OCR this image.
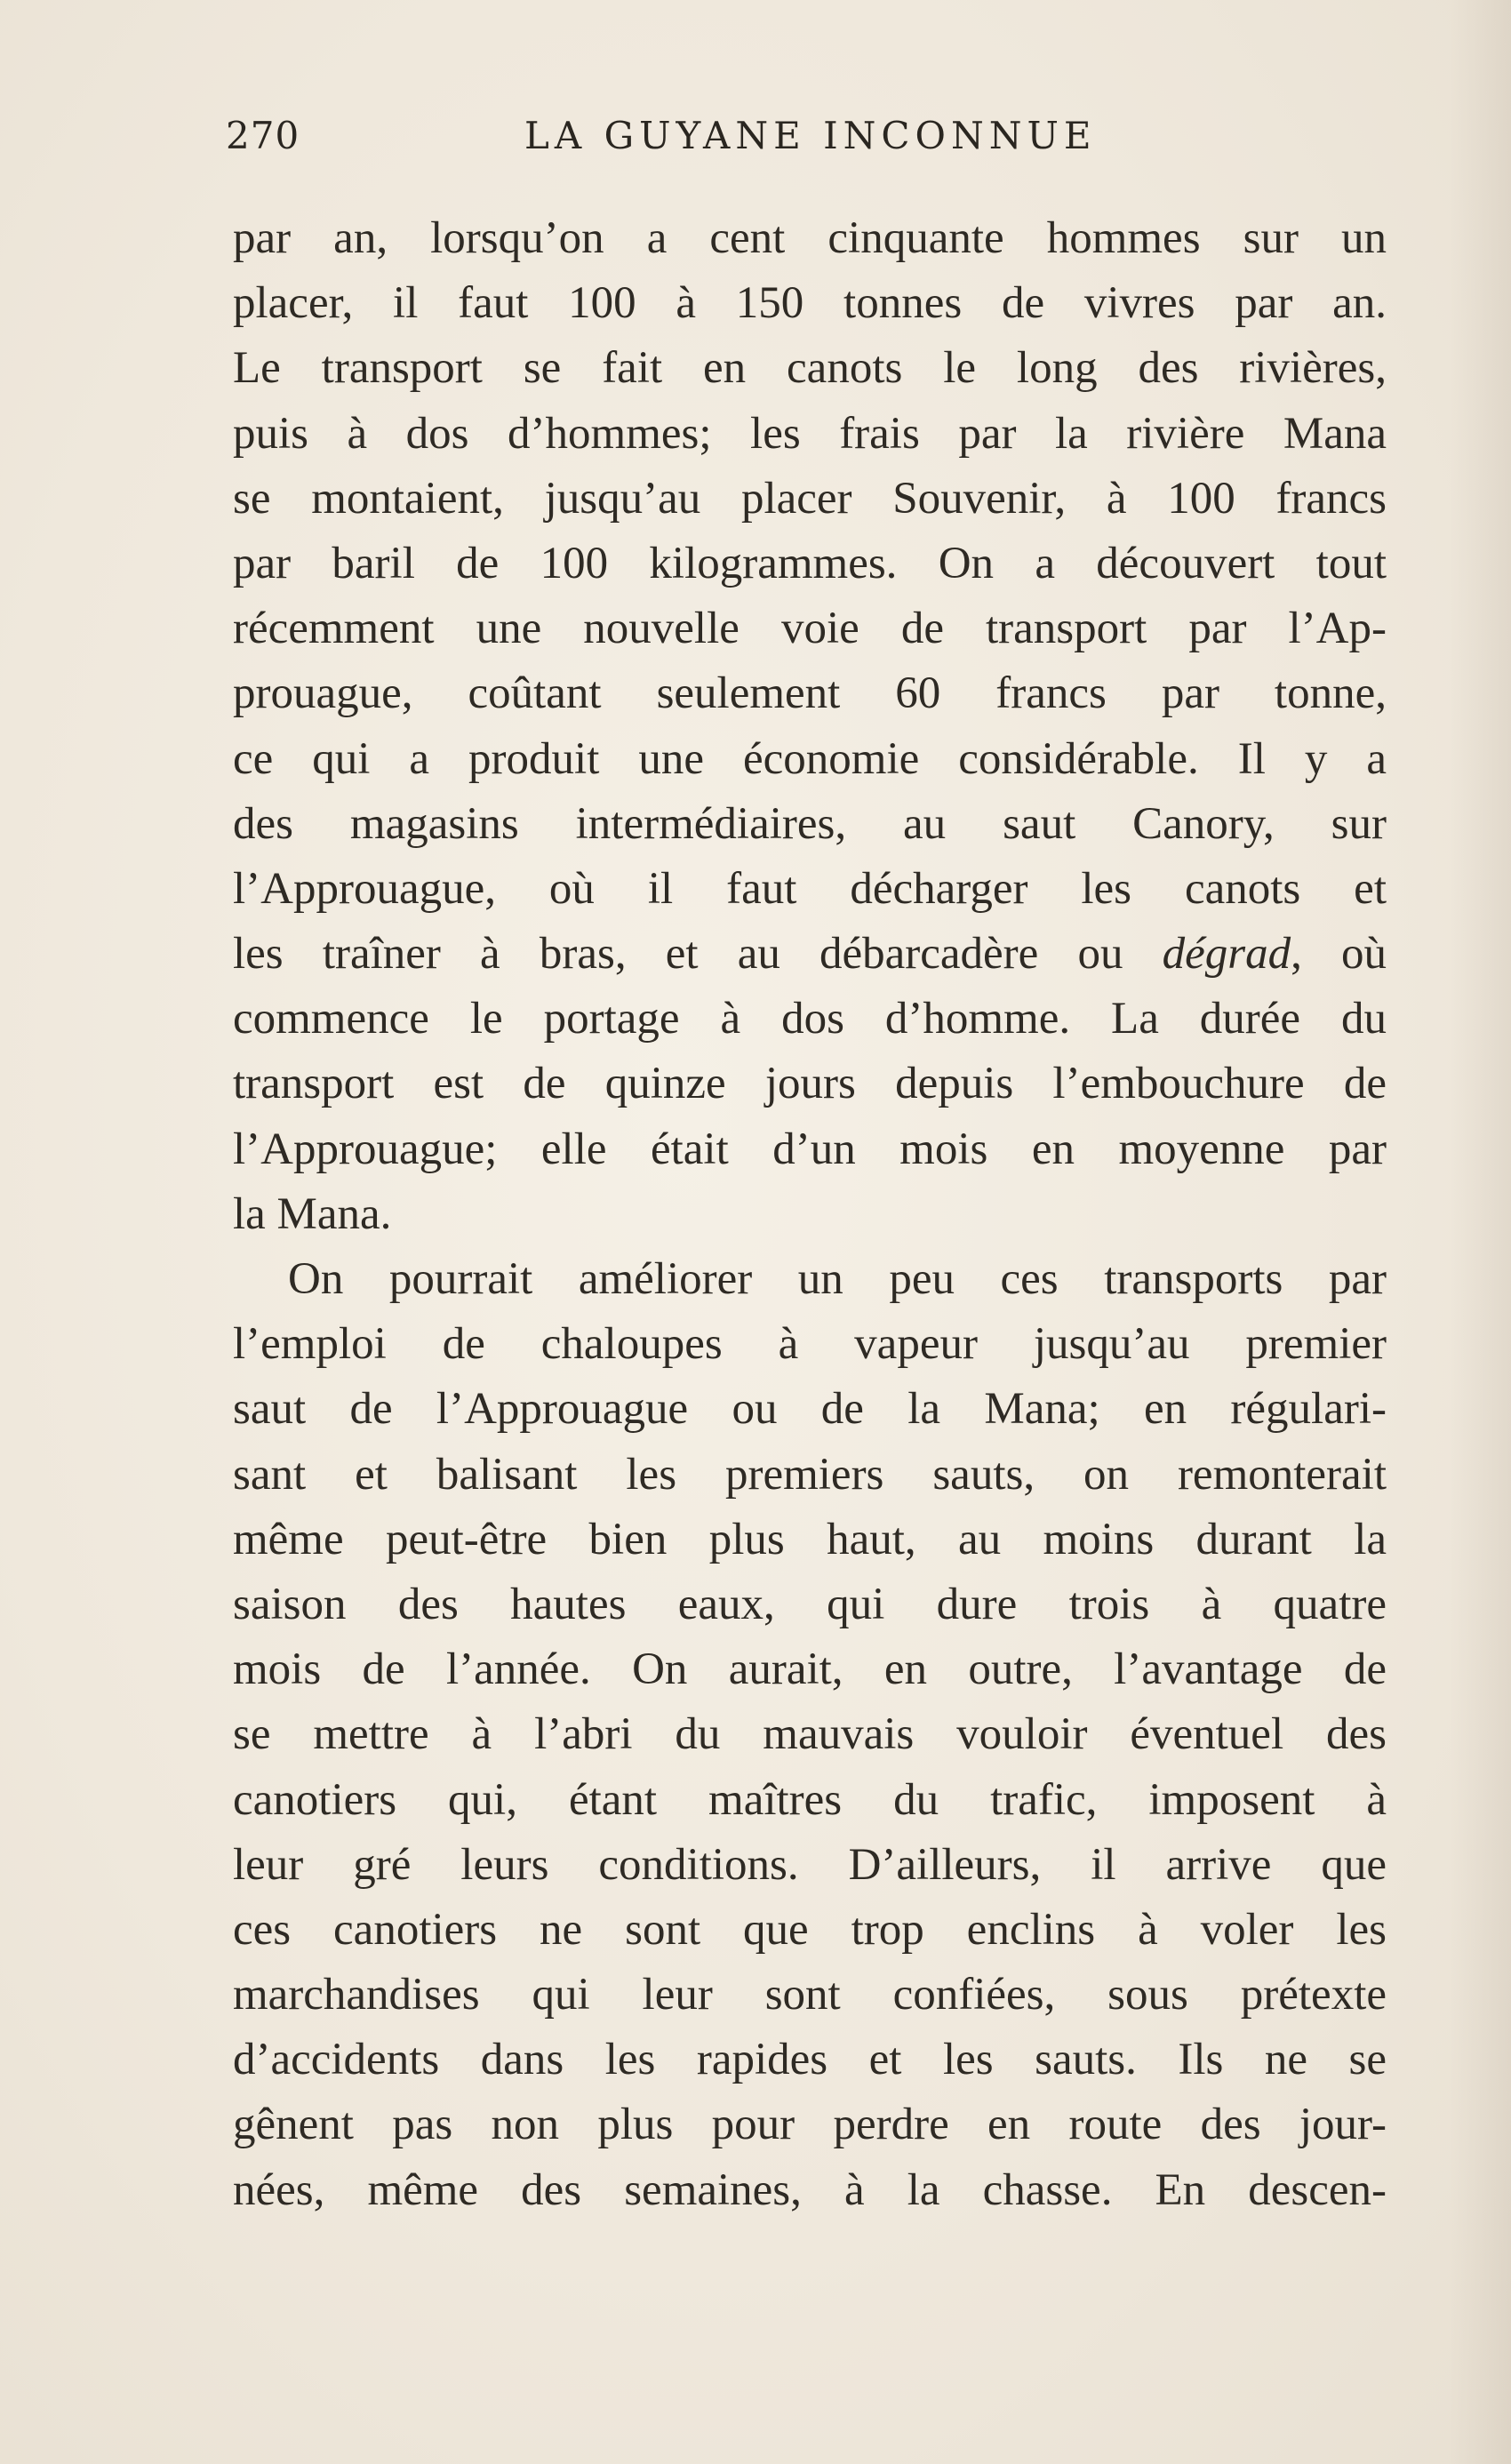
270	LA GUYANE INCONNUE
par an, lorsqu’on a cent cinquante hommes sur un
placer, il faut 100 à 150 tonnes de vivres par an.
Le transport se fait en canots le long des rivières,
puis à dos d’hommes; les frais par la rivière Mana
se montaient, jusqu’au placer Souvenir, à 100 francs
par baril de 100 kilogrammes. On a découvert tout
récemment une nouvelle voie de transport par l’Ap-
prouague, coûtant seulement 60 francs par tonne,
ce qui a produit une économie considérable. Il y a
des magasins intermédiaires, au saut Canory, sur
l’Approuague, où il faut décharger les canots et
les traîner à bras, et au débarcadère ou dégrad, où
commence le portage à dos d’homme. La durée du
transport est de quinze jours depuis l’embouchure de
l’Approuague; elle était d’un mois en moyenne par
la Mana.
On pourrait améliorer un peu ces transports par
l’emploi de chaloupes à vapeur jusqu’au premier
saut de l’Approuague ou de la Mana; en régulari-
sant et balisant les premiers sauts, on remonterait
même peut-être bien plus haut, au moins durant la
saison des hautes eaux, qui dure trois à quatre
mois de l’année. On aurait, en outre, l’avantage de
se mettre à l’abri du mauvais vouloir éventuel des
canotiers qui, étant maîtres du trafic, imposent à
leur gré leurs conditions. D’ailleurs, il arrive que
ces canotiers ne sont que trop enclins à voler les
marchandises qui leur sont confiées, sous prétexte
d’accidents dans les rapides et les sauts. Ils ne se
gênent pas non plus pour perdre en route des jour-
nées, même des semaines, à la chasse. En descen-
